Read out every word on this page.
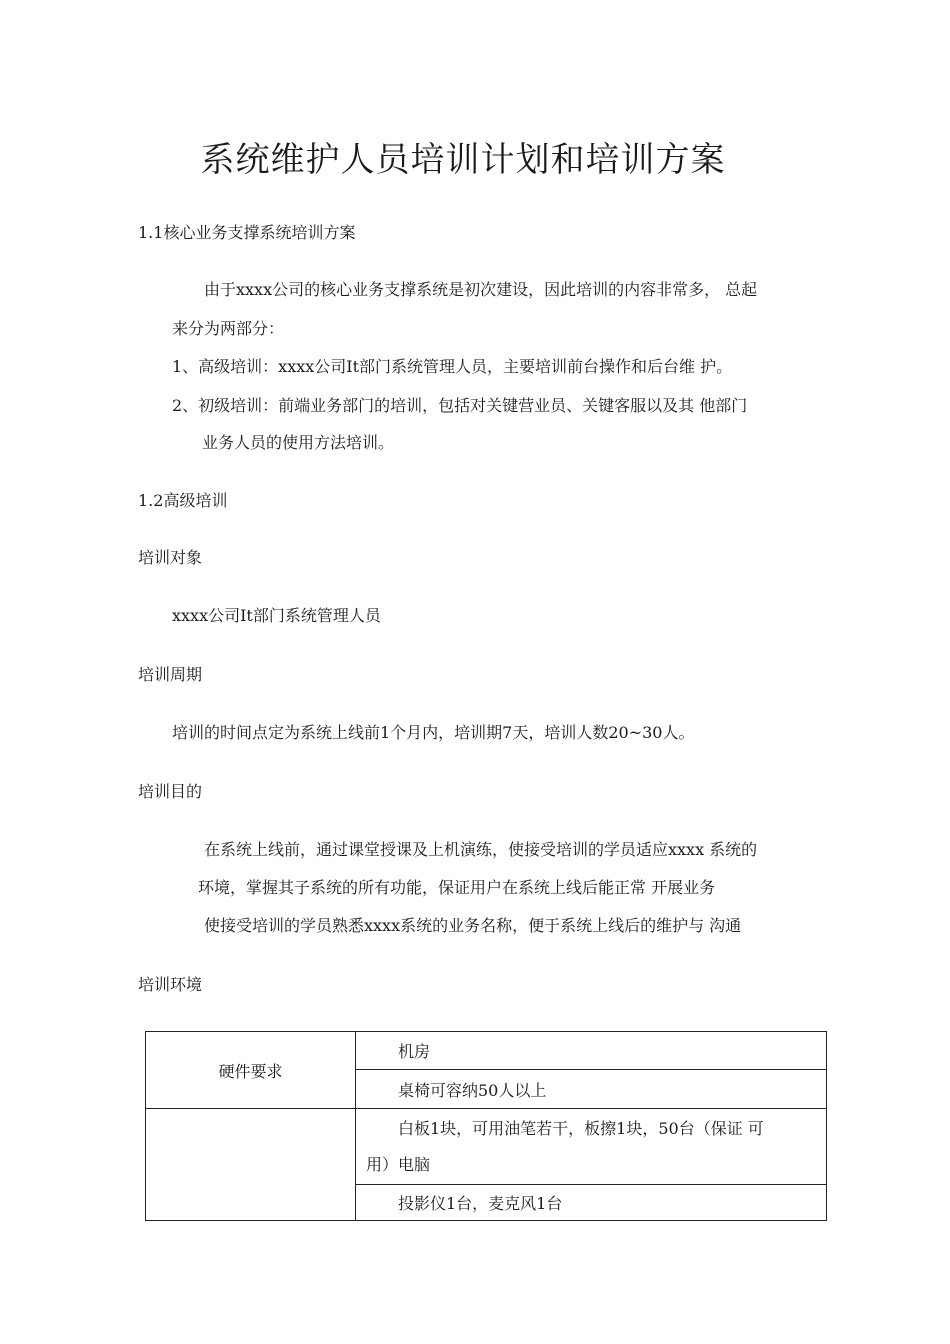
系统维护人员培训计划和培训方案
1.1核心业务支撑系统培训方案
由于xxxx公司的核心业务支撑系统是初次建设，因此培训的内容非常多， 总起
来分为两部分：
1、高级培训：xxxx公司It部门系统管理人员，主要培训前台操作和后台维 护。
2、初级培训：前端业务部门的培训，包括对关键营业员、关键客服以及其 他部门
业务人员的使用方法培训。
1.2高级培训
培训对象
xxxx公司It部门系统管理人员
培训周期
培训的时间点定为系统上线前1个月内，培训期7天，培训人数20~30人。
培训目的
在系统上线前，通过课堂授课及上机演练，使接受培训的学员适应xxxx 系统的
环境，掌握其子系统的所有功能，保证用户在系统上线后能正常 开展业务
使接受培训的学员熟悉xxxx系统的业务名称，便于系统上线后的维护与 沟通
培训环境
硬件要求	机房
	桌椅可容纳50人以上

	白板1块，可用油笔若干，板擦1块，50台（保证 可
用）电脑

	投影仪1台，麦克风1台
